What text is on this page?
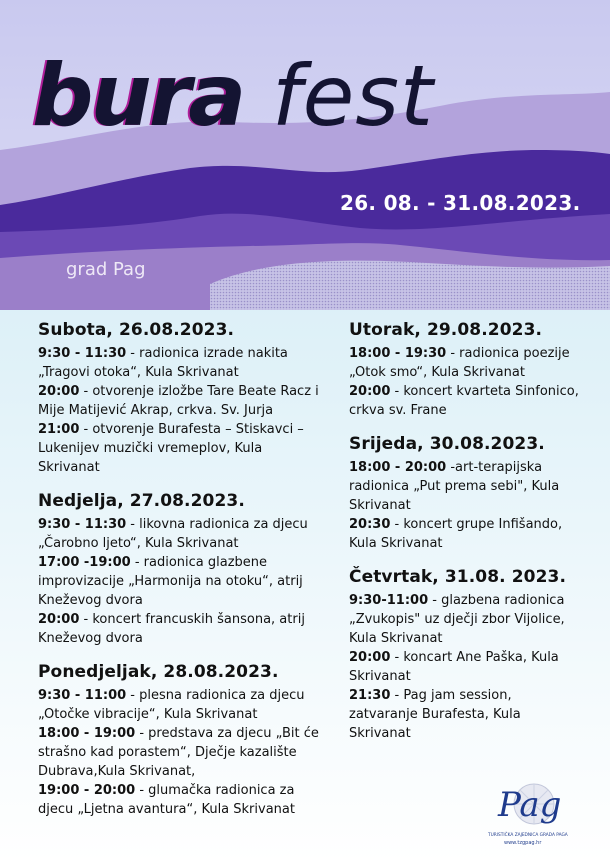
bura fest
26. 08. - 31.08.2023.
grad Pag
Subota, 26.08.2023.

9:30 - 11:30 - radionica izrade nakita „Tragovi otoka“, Kula Skrivanat

20:00 - otvorenje izložbe Tare Beate Racz i Mije Matijević Akrap, crkva. Sv. Jurja

21:00 - otvorenje Burafesta – Stiskavci – Lukenijev muzički vremeplov, Kula Skrivanat

Nedjelja, 27.08.2023.

9:30 - 11:30 - likovna radionica za djecu „Čarobno ljeto“, Kula Skrivanat

17:00 -19:00 - radionica glazbene improvizacije „Harmonija na otoku“, atrij Kneževog dvora

20:00 - koncert francuskih šansona, atrij Kneževog dvora

Ponedjeljak, 28.08.2023.

9:30 - 11:00 - plesna radionica za djecu „Otočke vibracije“, Kula Skrivanat

18:00 - 19:00 - predstava za djecu „Bit će strašno kad porastem“, Dječje kazalište Dubrava,Kula Skrivanat,

19:00 - 20:00 - glumačka radionica za djecu „Ljetna avantura“, Kula Skrivanat

Utorak, 29.08.2023.

18:00 - 19:30 - radionica poezije „Otok smo“, Kula Skrivanat

20:00 - koncert kvarteta Sinfonico, crkva sv. Frane

Srijeda, 30.08.2023.

18:00 - 20:00 -art-terapijska radionica „Put prema sebi", Kula Skrivanat

20:30 - koncert grupe Infišando, Kula Skrivanat

Četvrtak, 31.08. 2023.

9:30-11:00 - glazbena radionica „Zvukopis" uz dječji zbor Vijolice, Kula Skrivanat

20:00 - koncart Ane Paška, Kula Skrivanat

21:30 - Pag jam session, zatvaranje Burafesta, Kula Skrivanat

Pag
TURISTIČKA ZAJEDNICA GRADA PAGA
www.tzgpag.hr
